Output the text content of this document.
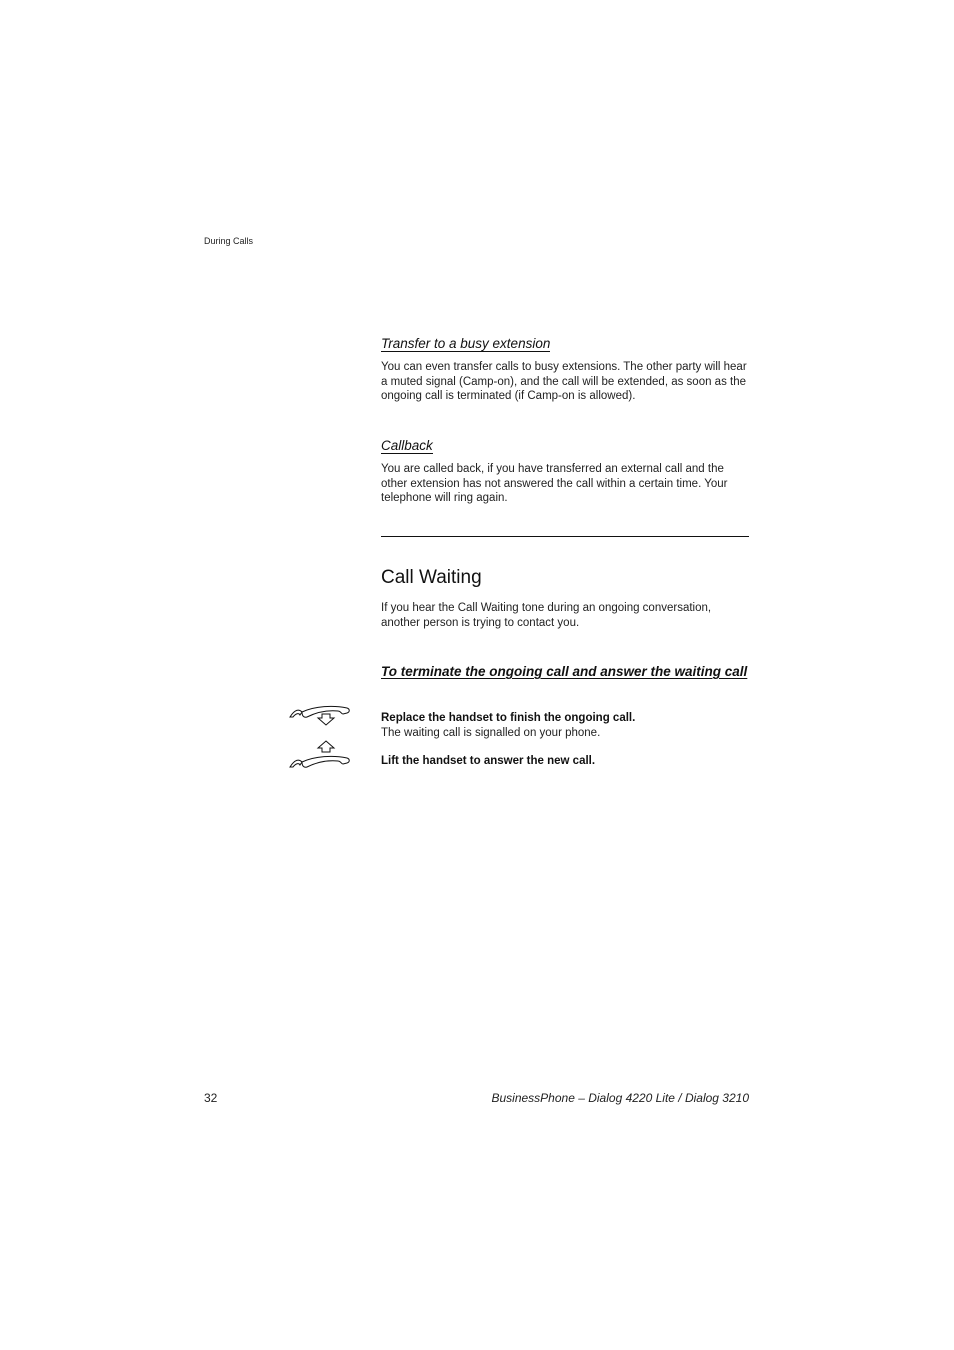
During Calls
Transfer to a busy extension

You can even transfer calls to busy extensions. The other party will hear a muted signal (Camp-on), and the call will be extended, as soon as the ongoing call is terminated (if Camp-on is allowed).

Callback

You are called back, if you have transferred an external call and the other extension has not answered the call within a certain time. Your telephone will ring again.

Call Waiting

If you hear the Call Waiting tone during an ongoing conversation, another person is trying to contact you.

To terminate the ongoing call and answer the waiting call
Replace the handset to finish the ongoing call.
The waiting call is signalled on your phone.
Lift the handset to answer the new call.
32	BusinessPhone – Dialog 4220 Lite / Dialog 3210
